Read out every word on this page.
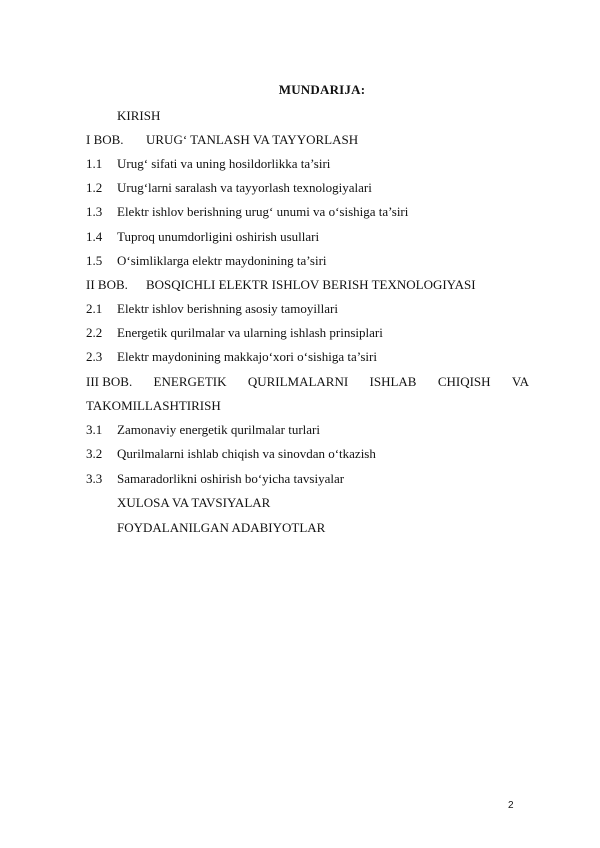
MUNDARIJA:
KIRISH
I BOB. URUG‘ TANLASH VA TAYYORLASH
1.1 Urug‘ sifati va uning hosildorlikka ta’siri
1.2 Urug‘larni saralash va tayyorlash texnologiyalari
1.3 Elektr ishlov berishning urug‘ unumi va o‘sishiga ta’siri
1.4 Tuproq unumdorligini oshirish usullari
1.5 O‘simliklarga elektr maydonining ta’siri
II BOB. BOSQICHLI ELEKTR ISHLOV BERISH TEXNOLOGIYASI
2.1 Elektr ishlov berishning asosiy tamoyillari
2.2 Energetik qurilmalar va ularning ishlash prinsiplari
2.3 Elektr maydonining makkajo‘xori o‘sishiga ta’siri
III BOB. ENERGETIK QURILMALARNI ISHLAB CHIQISH VA
TAKOMILLASHTIRISH
3.1 Zamonaviy energetik qurilmalar turlari
3.2 Qurilmalarni ishlab chiqish va sinovdan o‘tkazish
3.3 Samaradorlikni oshirish bo‘yicha tavsiyalar
XULOSA VA TAVSIYALAR
FOYDALANILGAN ADABIYOTLAR
2
